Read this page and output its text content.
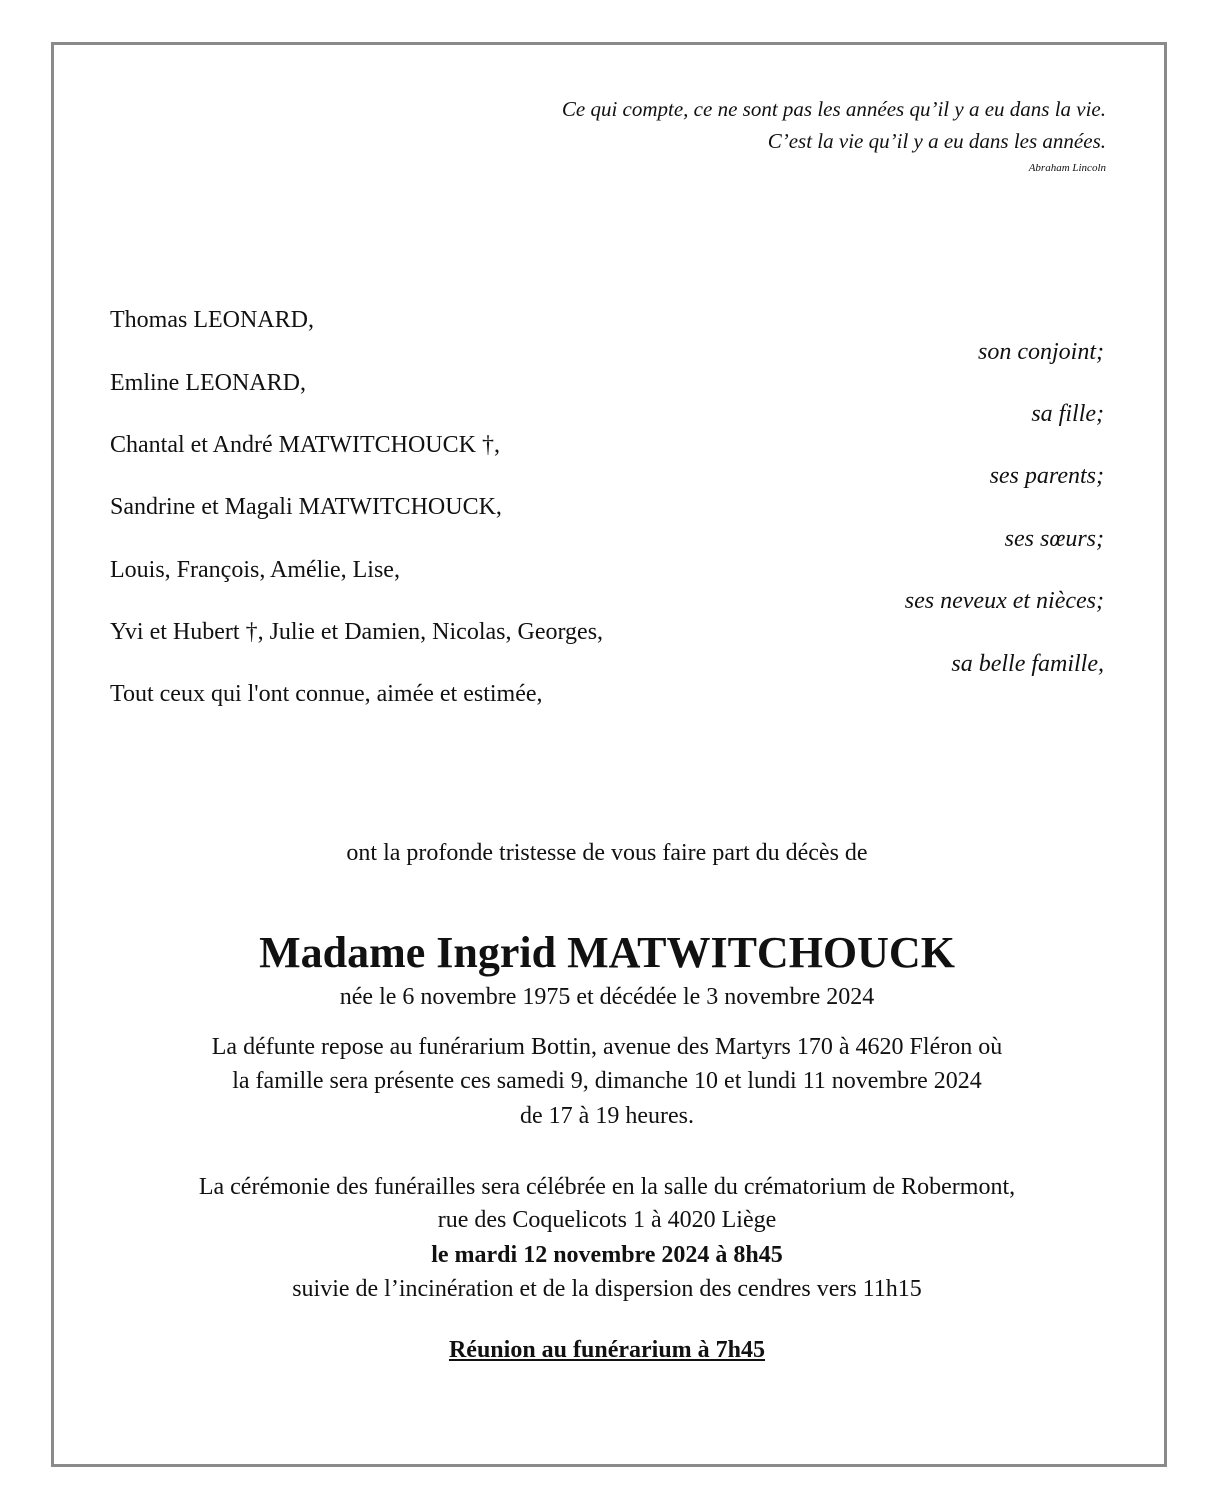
Ce qui compte, ce ne sont pas les années qu’il y a eu dans la vie.
C’est la vie qu’il y a eu dans les années.
Abraham Lincoln
Thomas LEONARD,
son conjoint;
Emline LEONARD,
sa fille;
Chantal et André MATWITCHOUCK †,
ses parents;
Sandrine et Magali MATWITCHOUCK,
ses sœurs;
Louis, François, Amélie, Lise,
ses neveux et nièces;
Yvi et Hubert †, Julie et Damien, Nicolas, Georges,
sa belle famille,
Tout ceux qui l'ont connue, aimée et estimée,
ont la profonde tristesse de vous faire part du décès de
Madame Ingrid MATWITCHOUCK
née le 6 novembre 1975 et décédée le 3 novembre 2024
La défunte repose au funérarium Bottin, avenue des Martyrs 170 à 4620 Fléron où
la famille sera présente ces samedi 9, dimanche 10 et lundi 11 novembre 2024
de 17 à 19 heures.
La cérémonie des funérailles sera célébrée en la salle du crématorium de Robermont,
rue des Coquelicots 1 à 4020 Liège
le mardi 12 novembre 2024 à 8h45
suivie de l’incinération et de la dispersion des cendres vers 11h15
Réunion au funérarium à 7h45
